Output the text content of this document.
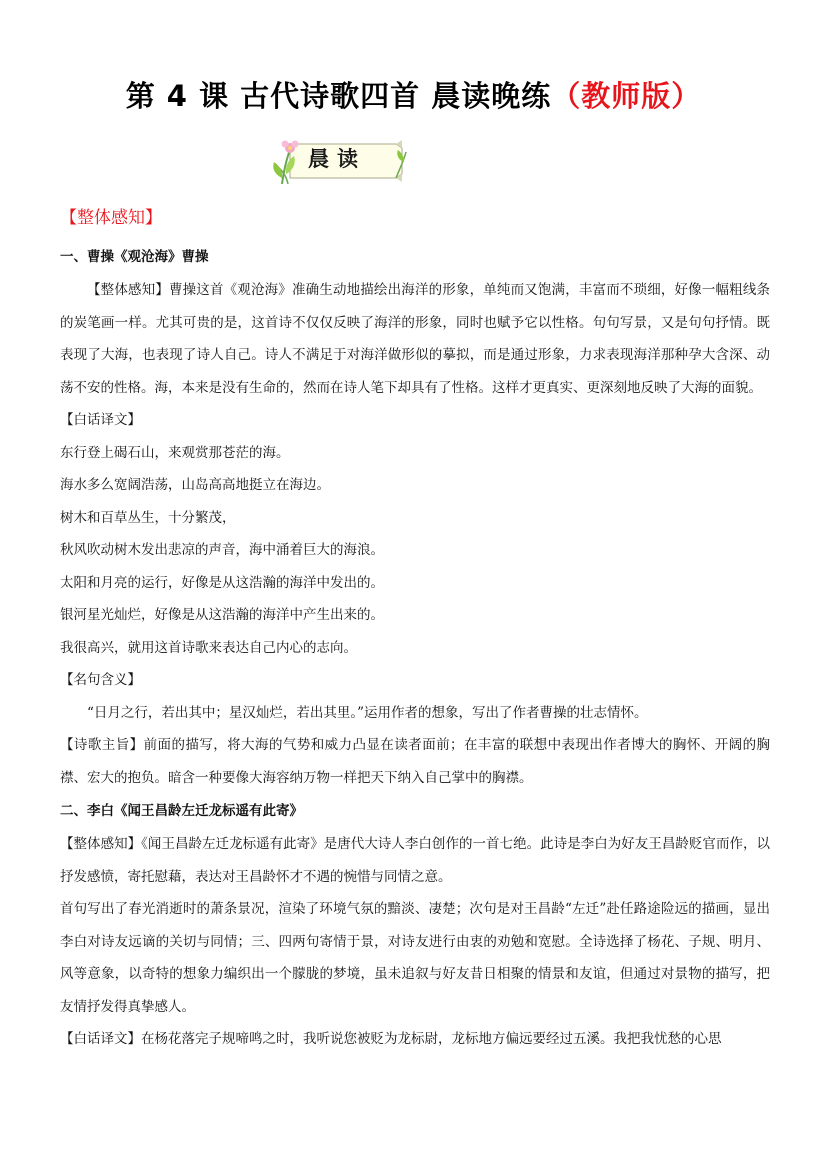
第 4 课 古代诗歌四首 晨读晚练（教师版）
晨读
【整体感知】
一、曹操《观沧海》曹操

【整体感知】曹操这首《观沧海》准确生动地描绘出海洋的形象，单纯而又饱满，丰富而不琐细，好像一幅粗线条的炭笔画一样。尤其可贵的是，这首诗不仅仅反映了海洋的形象，同时也赋予它以性格。句句写景，又是句句抒情。既表现了大海，也表现了诗人自己。诗人不满足于对海洋做形似的摹拟，而是通过形象，力求表现海洋那种孕大含深、动荡不安的性格。海，本来是没有生命的，然而在诗人笔下却具有了性格。这样才更真实、更深刻地反映了大海的面貌。

【白话译文】

东行登上碣石山，来观赏那苍茫的海。

海水多么宽阔浩荡，山岛高高地挺立在海边。

树木和百草丛生，十分繁茂，

秋风吹动树木发出悲凉的声音，海中涌着巨大的海浪。

太阳和月亮的运行，好像是从这浩瀚的海洋中发出的。

银河星光灿烂，好像是从这浩瀚的海洋中产生出来的。

我很高兴，就用这首诗歌来表达自己内心的志向。

【名句含义】

“日月之行，若出其中；星汉灿烂，若出其里。”运用作者的想象，写出了作者曹操的壮志情怀。

【诗歌主旨】前面的描写，将大海的气势和威力凸显在读者面前；在丰富的联想中表现出作者博大的胸怀、开阔的胸襟、宏大的抱负。暗含一种要像大海容纳万物一样把天下纳入自己掌中的胸襟。

二、李白《闻王昌龄左迁龙标遥有此寄》

【整体感知】《闻王昌龄左迁龙标遥有此寄》是唐代大诗人李白创作的一首七绝。此诗是李白为好友王昌龄贬官而作，以抒发感愤，寄托慰藉，表达对王昌龄怀才不遇的惋惜与同情之意。

首句写出了春光消逝时的萧条景况，渲染了环境气氛的黯淡、凄楚；次句是对王昌龄“左迁”赴任路途险远的描画，显出李白对诗友远谪的关切与同情；三、四两句寄情于景，对诗友进行由衷的劝勉和宽慰。全诗选择了杨花、子规、明月、风等意象，以奇特的想象力编织出一个朦胧的梦境，虽未追叙与好友昔日相聚的情景和友谊，但通过对景物的描写，把友情抒发得真挚感人。

【白话译文】在杨花落完子规啼鸣之时，我听说您被贬为龙标尉，龙标地方偏远要经过五溪。我把我忧愁的心思
